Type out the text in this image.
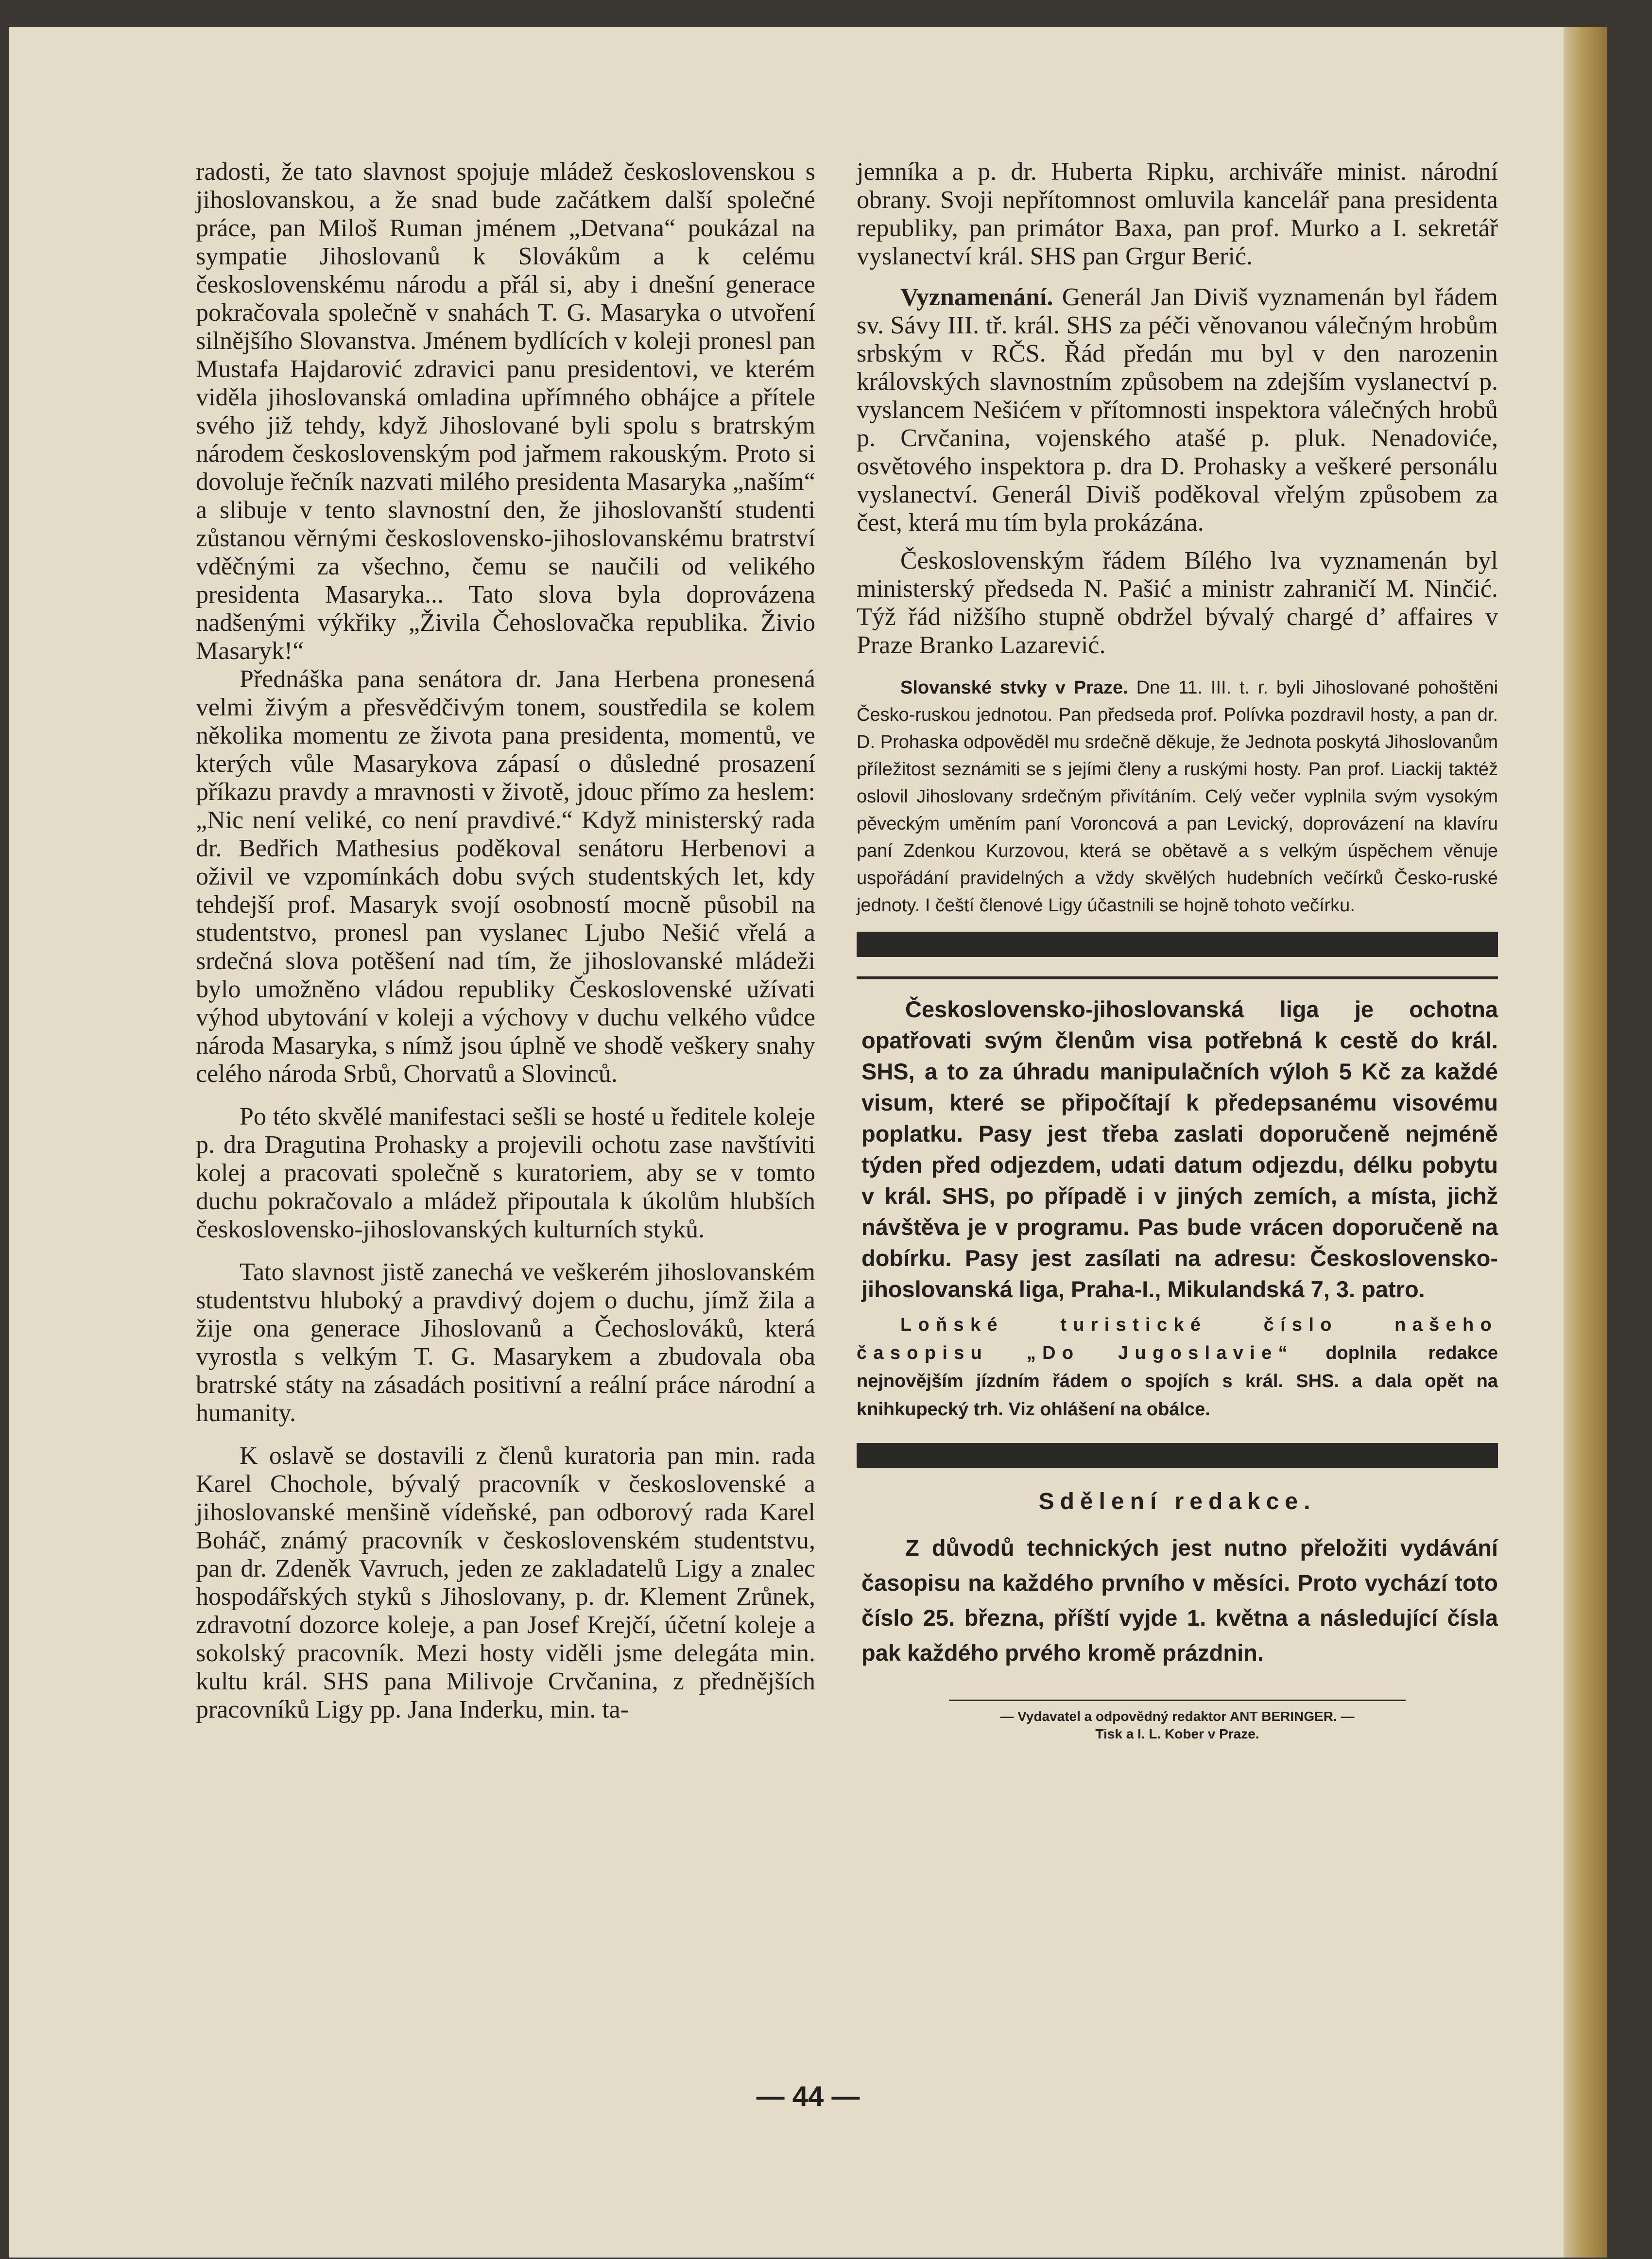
radosti, že tato slavnost spojuje mládež československou s jihoslovanskou, a že snad bude začátkem další společné práce, pan Miloš Ruman jménem „Detvana“ poukázal na sympatie Jihoslovanů k Slovákům a k celému československému národu a přál si, aby i dnešní generace pokračovala společně v snahách T. G. Masaryka o utvoření silnějšího Slovanstva. Jménem bydlících v koleji pronesl pan Mustafa Hajdarović zdravici panu presidentovi, ve kterém viděla jihoslovanská omladina upřímného obhájce a přítele svého již tehdy, když Jihoslované byli spolu s bratrským národem československým pod jařmem rakouským. Proto si dovoluje řečník nazvati milého presidenta Masaryka „naším“ a slibuje v tento slavnostní den, že jihoslovanští studenti zůstanou věrnými československo-jihoslovanskému bratrství vděčnými za všechno, čemu se naučili od velikého presidenta Masaryka... Tato slova byla doprovázena nadšenými výkřiky „Živila Čehoslovačka republika. Živio Masaryk!“

Přednáška pana senátora dr. Jana Herbena pronesená velmi živým a přesvědčivým tonem, soustředila se kolem několika momentu ze života pana presidenta, momentů, ve kterých vůle Masarykova zápasí o důsledné prosazení příkazu pravdy a mravnosti v životě, jdouc přímo za heslem: „Nic není veliké, co není pravdivé.“ Když ministerský rada dr. Bedřich Mathesius poděkoval senátoru Herbenovi a oživil ve vzpomínkách dobu svých studentských let, kdy tehdejší prof. Masaryk svojí osobností mocně působil na studentstvo, pronesl pan vyslanec Ljubo Nešić vřelá a srdečná slova potěšení nad tím, že jihoslovanské mládeži bylo umožněno vládou republiky Československé užívati výhod ubytování v koleji a výchovy v duchu velkého vůdce národa Masaryka, s nímž jsou úplně ve shodě veškery snahy celého národa Srbů, Chorvatů a Slovinců.

Po této skvělé manifestaci sešli se hosté u ředitele koleje p. dra Dragutina Prohasky a projevili ochotu zase navštíviti kolej a pracovati společně s kuratoriem, aby se v tomto duchu pokračovalo a mládež připoutala k úkolům hlubších československo-jihoslovanských kulturních styků.

Tato slavnost jistě zanechá ve veškerém jihoslovanském studentstvu hluboký a pravdivý dojem o duchu, jímž žila a žije ona generace Jihoslovanů a Čechoslováků, která vyrostla s velkým T. G. Masarykem a zbudovala oba bratrské státy na zásadách positivní a reální práce národní a humanity.

K oslavě se dostavili z členů kuratoria pan min. rada Karel Chochole, bývalý pracovník v československé a jihoslovanské menšině vídeňské, pan odborový rada Karel Boháč, známý pracovník v československém studentstvu, pan dr. Zdeněk Vavruch, jeden ze zakladatelů Ligy a znalec hospodářských styků s Jihoslovany, p. dr. Klement Zrůnek, zdravotní dozorce koleje, a pan Josef Krejčí, účetní koleje a sokolský pracovník. Mezi hosty viděli jsme delegáta min. kultu král. SHS pana Milivoje Crvčanina, z přednějších pracovníků Ligy pp. Jana Inderku, min. ta-

jemníka a p. dr. Huberta Ripku, archiváře minist. národní obrany. Svoji nepřítomnost omluvila kancelář pana presidenta republiky, pan primátor Baxa, pan prof. Murko a I. sekretář vyslanectví král. SHS pan Grgur Berić.

Vyznamenání. Generál Jan Diviš vyznamenán byl řádem sv. Sávy III. tř. král. SHS za péči věnovanou válečným hrobům srbským v RČS. Řád předán mu byl v den narozenin královských slavnostním způsobem na zdejším vyslanectví p. vyslancem Nešićem v přítomnosti inspektora válečných hrobů p. Crvčanina, vojenského atašé p. pluk. Nenadoviće, osvětového inspektora p. dra D. Prohasky a veškeré personálu vyslanectví. Generál Diviš poděkoval vřelým způsobem za čest, která mu tím byla prokázána.

Československým řádem Bílého lva vyznamenán byl ministerský předseda N. Pašić a ministr zahraničí M. Ninčić. Týž řád nižšího stupně obdržel bývalý chargé d’ affaires v Praze Branko Lazarević.

Slovanské stvky v Praze. Dne 11. III. t. r. byli Jihoslované pohoštěni Česko-ruskou jednotou. Pan předseda prof. Polívka pozdravil hosty, a pan dr. D. Prohaska odpověděl mu srdečně děkuje, že Jednota poskytá Jihoslovanům příležitost seznámiti se s jejími členy a ruskými hosty. Pan prof. Liackij taktéž oslovil Jihoslovany srdečným přivítáním. Celý večer vyplnila svým vysokým pěveckým uměním paní Voroncová a pan Levický, doprovázení na klavíru paní Zdenkou Kurzovou, která se obětavě a s velkým úspěchem věnuje uspořádání pravidelných a vždy skvělých hudebních večírků Česko-ruské jednoty. I čeští členové Ligy účastnili se hojně tohoto večírku.

Československo-jihoslovanská liga je ochotna opatřovati svým členům visa potřebná k cestě do král. SHS, a to za úhradu manipulačních výloh 5 Kč za každé visum, které se připočítají k předepsanému visovému poplatku. Pasy jest třeba zaslati doporučeně nejméně týden před odjezdem, udati datum odjezdu, délku pobytu v král. SHS, po případě i v jiných zemích, a místa, jichž návštěva je v programu. Pas bude vrácen doporučeně na dobírku. Pasy jest zasílati na adresu: Československo-jihoslovanská liga, Praha-I., Mikulandská 7, 3. patro.

Loňské turistické číslo našeho časopisu „Do Jugoslavie“ doplnila redakce nejnovějším jízdním řádem o spojích s král. SHS. a dala opět na knihkupecký trh. Viz ohlášení na obálce.

Sdělení redakce.

Z důvodů technických jest nutno přeložiti vydávání časopisu na každého prvního v měsíci. Proto vychází toto číslo 25. března, příští vyjde 1. května a následující čísla pak každého prvého kromě prázdnin.

— Vydavatel a odpovědný redaktor ANT BERINGER. —
Tisk a I. L. Kober v Praze.
— 44 —
